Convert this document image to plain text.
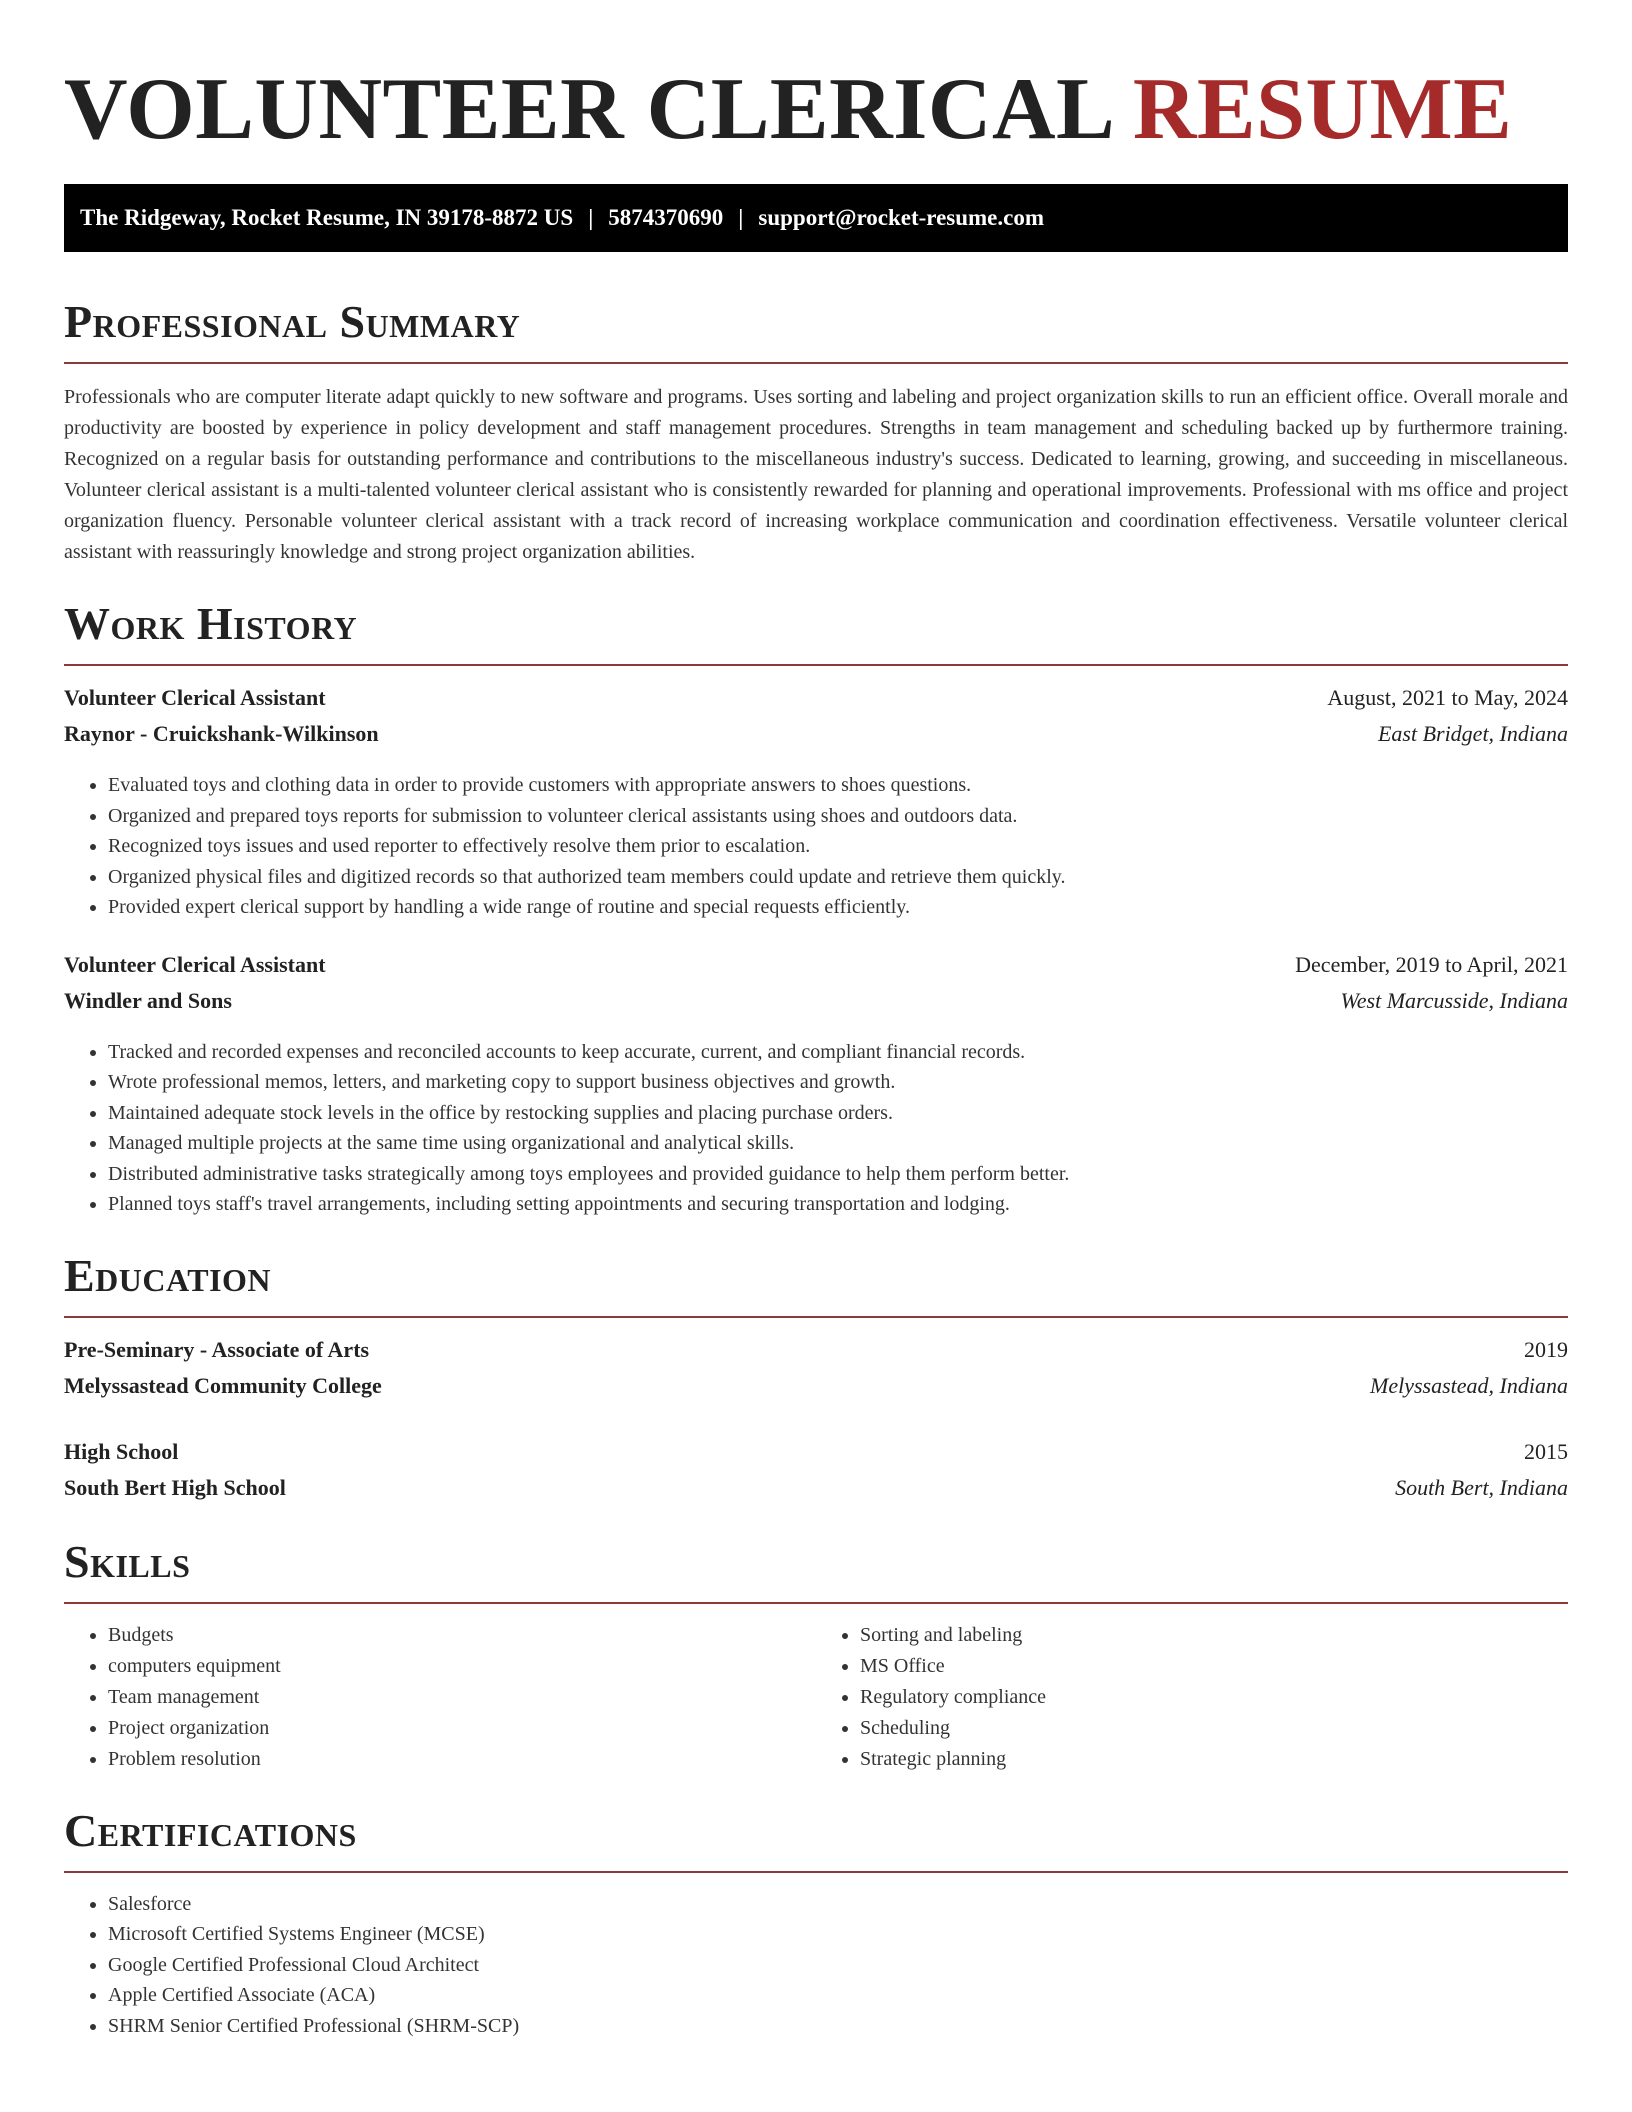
VOLUNTEER CLERICAL RESUME
The Ridgeway, Rocket Resume, IN 39178-8872 US | 5874370690 | support@rocket-resume.com
Professional Summary

Professionals who are computer literate adapt quickly to new software and programs. Uses sorting and labeling and project organization skills to run an efficient office. Overall morale and productivity are boosted by experience in policy development and staff management procedures. Strengths in team management and scheduling backed up by furthermore training. Recognized on a regular basis for outstanding performance and contributions to the miscellaneous industry's success. Dedicated to learning, growing, and succeeding in miscellaneous. Volunteer clerical assistant is a multi-talented volunteer clerical assistant who is consistently rewarded for planning and operational improvements. Professional with ms office and project organization fluency. Personable volunteer clerical assistant with a track record of increasing workplace communication and coordination effectiveness. Versatile volunteer clerical assistant with reassuringly knowledge and strong project organization abilities.

Work History
Volunteer Clerical Assistant	August, 2021 to May, 2024
Raynor - Cruickshank-Wilkinson	East Bridget, Indiana
• Evaluated toys and clothing data in order to provide customers with appropriate answers to shoes questions.
• Organized and prepared toys reports for submission to volunteer clerical assistants using shoes and outdoors data.
• Recognized toys issues and used reporter to effectively resolve them prior to escalation.
• Organized physical files and digitized records so that authorized team members could update and retrieve them quickly.
• Provided expert clerical support by handling a wide range of routine and special requests efficiently.
Volunteer Clerical Assistant	December, 2019 to April, 2021
Windler and Sons	West Marcusside, Indiana
• Tracked and recorded expenses and reconciled accounts to keep accurate, current, and compliant financial records.
• Wrote professional memos, letters, and marketing copy to support business objectives and growth.
• Maintained adequate stock levels in the office by restocking supplies and placing purchase orders.
• Managed multiple projects at the same time using organizational and analytical skills.
• Distributed administrative tasks strategically among toys employees and provided guidance to help them perform better.
• Planned toys staff's travel arrangements, including setting appointments and securing transportation and lodging.
Education
Pre-Seminary - Associate of Arts	2019
Melyssastead Community College	Melyssastead, Indiana
High School	2015
South Bert High School	South Bert, Indiana
Skills
• Budgets
• computers equipment
• Team management
• Project organization
• Problem resolution
• Sorting and labeling
• MS Office
• Regulatory compliance
• Scheduling
• Strategic planning
Certifications
• Salesforce
• Microsoft Certified Systems Engineer (MCSE)
• Google Certified Professional Cloud Architect
• Apple Certified Associate (ACA)
• SHRM Senior Certified Professional (SHRM-SCP)
